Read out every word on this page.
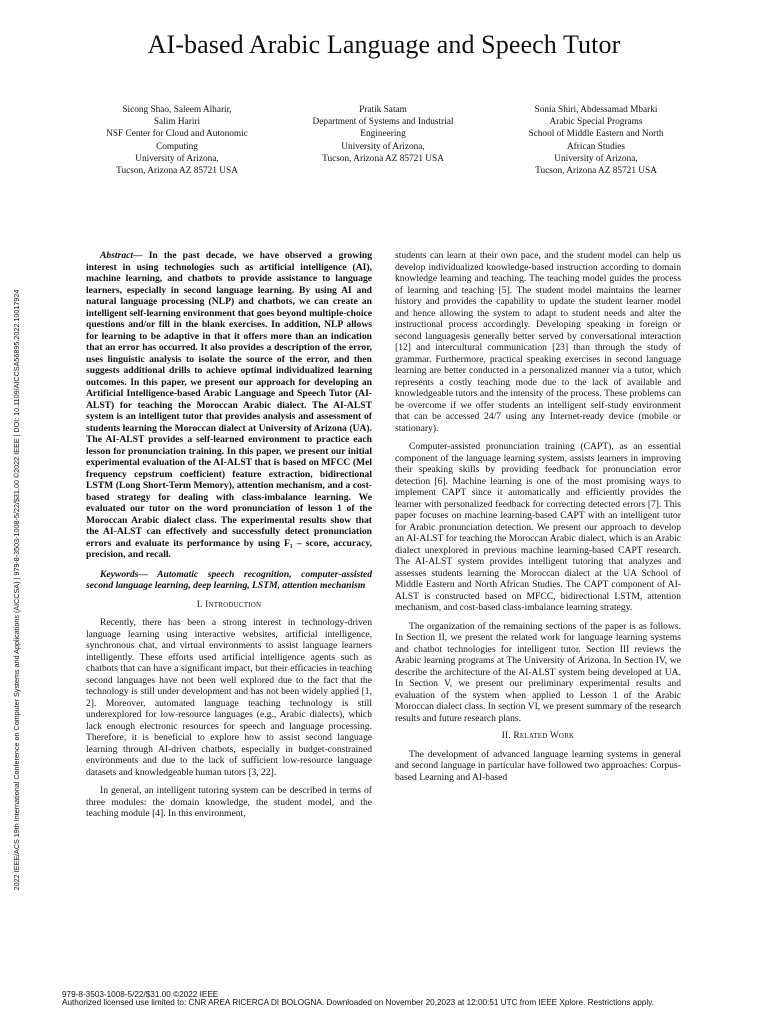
AI-based Arabic Language and Speech Tutor
Sicong Shao, Saleem Alharir,
Salim Hariri
NSF Center for Cloud and Autonomic
Computing
University of Arizona,
Tucson, Arizona AZ 85721 USA
Pratik Satam
Department of Systems and Industrial
Engineering
University of Arizona,
Tucson, Arizona AZ 85721 USA
Sonia Shiri, Abdessamad Mbarki
Arabic Special Programs
School of Middle Eastern and North
African Studies
University of Arizona,
Tucson, Arizona AZ 85721 USA
2022 IEEE/ACS 19th International Conference on Computer Systems and Applications (AICCSA) | 979-8-3503-1008-5/22/$31.00 ©2022 IEEE | DOI: 10.1109/AICCSA56895.2022.10017924

Abstract— In the past decade, we have observed a growing interest in using technologies such as artificial intelligence (AI), machine learning, and chatbots to provide assistance to language learners, especially in second language learning. By using AI and natural language processing (NLP) and chatbots, we can create an intelligent self-learning environment that goes beyond multiple-choice questions and/or fill in the blank exercises. In addition, NLP allows for learning to be adaptive in that it offers more than an indication that an error has occurred. It also provides a description of the error, uses linguistic analysis to isolate the source of the error, and then suggests additional drills to achieve optimal individualized learning outcomes. In this paper, we present our approach for developing an Artificial Intelligence-based Arabic Language and Speech Tutor (AI-ALST) for teaching the Moroccan Arabic dialect. The AI-ALST system is an intelligent tutor that provides analysis and assessment of students learning the Moroccan dialect at University of Arizona (UA). The AI-ALST provides a self-learned environment to practice each lesson for pronunciation training. In this paper, we present our initial experimental evaluation of the AI-ALST that is based on MFCC (Mel frequency cepstrum coefficient) feature extraction, bidirectional LSTM (Long Short-Term Memory), attention mechanism, and a cost-based strategy for dealing with class-imbalance learning. We evaluated our tutor on the word pronunciation of lesson 1 of the Moroccan Arabic dialect class. The experimental results show that the AI-ALST can effectively and successfully detect pronunciation errors and evaluate its performance by using F₁ – score, accuracy, precision, and recall.

Keywords— Automatic speech recognition, computer-assisted second language learning, deep learning, LSTM, attention mechanism

I. Introduction

Recently, there has been a strong interest in technology-driven language learning using interactive websites, artificial intelligence, synchronous chat, and virtual environments to assist language learners intelligently. These efforts used artificial intelligence agents such as chatbots that can have a significant impact, but their efficacies in teaching second languages have not been well explored due to the fact that the technology is still under development and has not been widely applied [1, 2]. Moreover, automated language teaching technology is still underexplored for low-resource languages (e.g., Arabic dialects), which lack enough electronic resources for speech and language processing. Therefore, it is beneficial to explore how to assist second language learning through AI-driven chatbots, especially in budget-constrained environments and due to the lack of sufficient low-resource language datasets and knowledgeable human tutors [3, 22].

In general, an intelligent tutoring system can be described in terms of three modules: the domain knowledge, the student model, and the teaching module [4]. In this environment,

students can learn at their own pace, and the student model can help us develop individualized knowledge-based instruction according to domain knowledge learning and teaching. The teaching model guides the process of learning and teaching [5]. The student model maintains the learner history and provides the capability to update the student learner model and hence allowing the system to adapt to student needs and alter the instructional process accordingly. Developing speaking in foreign or second languagesis generally better served by conversational interaction [12] and intercultural communication [23] than through the study of grammar. Furthermore, practical speaking exercises in second language learning are better conducted in a personalized manner via a tutor, which represents a costly teaching mode due to the lack of available and knowledgeable tutors and the intensity of the process. These problems can be overcome if we offer students an intelligent self-study environment that can be accessed 24/7 using any Internet-ready device (mobile or stationary).

Computer-assisted pronunciation training (CAPT), as an essential component of the language learning system, assists learners in improving their speaking skills by providing feedback for pronunciation error detection [6]. Machine learning is one of the most promising ways to implement CAPT since it automatically and efficiently provides the learner with personalized feedback for correcting detected errors [7]. This paper focuses on machine learning-based CAPT with an intelligent tutor for Arabic pronunciation detection. We present our approach to develop an AI-ALST for teaching the Moroccan Arabic dialect, which is an Arabic dialect unexplored in previous machine learning-based CAPT research. The AI-ALST system provides intelligent tutoring that analyzes and assesses students learning the Moroccan dialect at the UA School of Middle Eastern and North African Studies. The CAPT component of AI-ALST is constructed based on MFCC, bidirectional LSTM, attention mechanism, and cost-based class-imbalance learning strategy.

The organization of the remaining sections of the paper is as follows. In Section II, we present the related work for language learning systems and chatbot technologies for intelligent tutor. Section III reviews the Arabic learning programs at The University of Arizona. In Section IV, we describe the architecture of the AI-ALST system being developed at UA. In Section V, we present our preliminary experimental results and evaluation of the system when applied to Lesson 1 of the Arabic Moroccan dialect class. In section VI, we present summary of the research results and future research plans.

II. Related Work

The development of advanced language learning systems in general and second language in particular have followed two approaches: Corpus-based Learning and AI-based

979-8-3503-1008-5/22/$31.00 ©2022 IEEE
Authorized licensed use limited to: CNR AREA RICERCA DI BOLOGNA. Downloaded on November 20,2023 at 12:00:51 UTC from IEEE Xplore. Restrictions apply.
